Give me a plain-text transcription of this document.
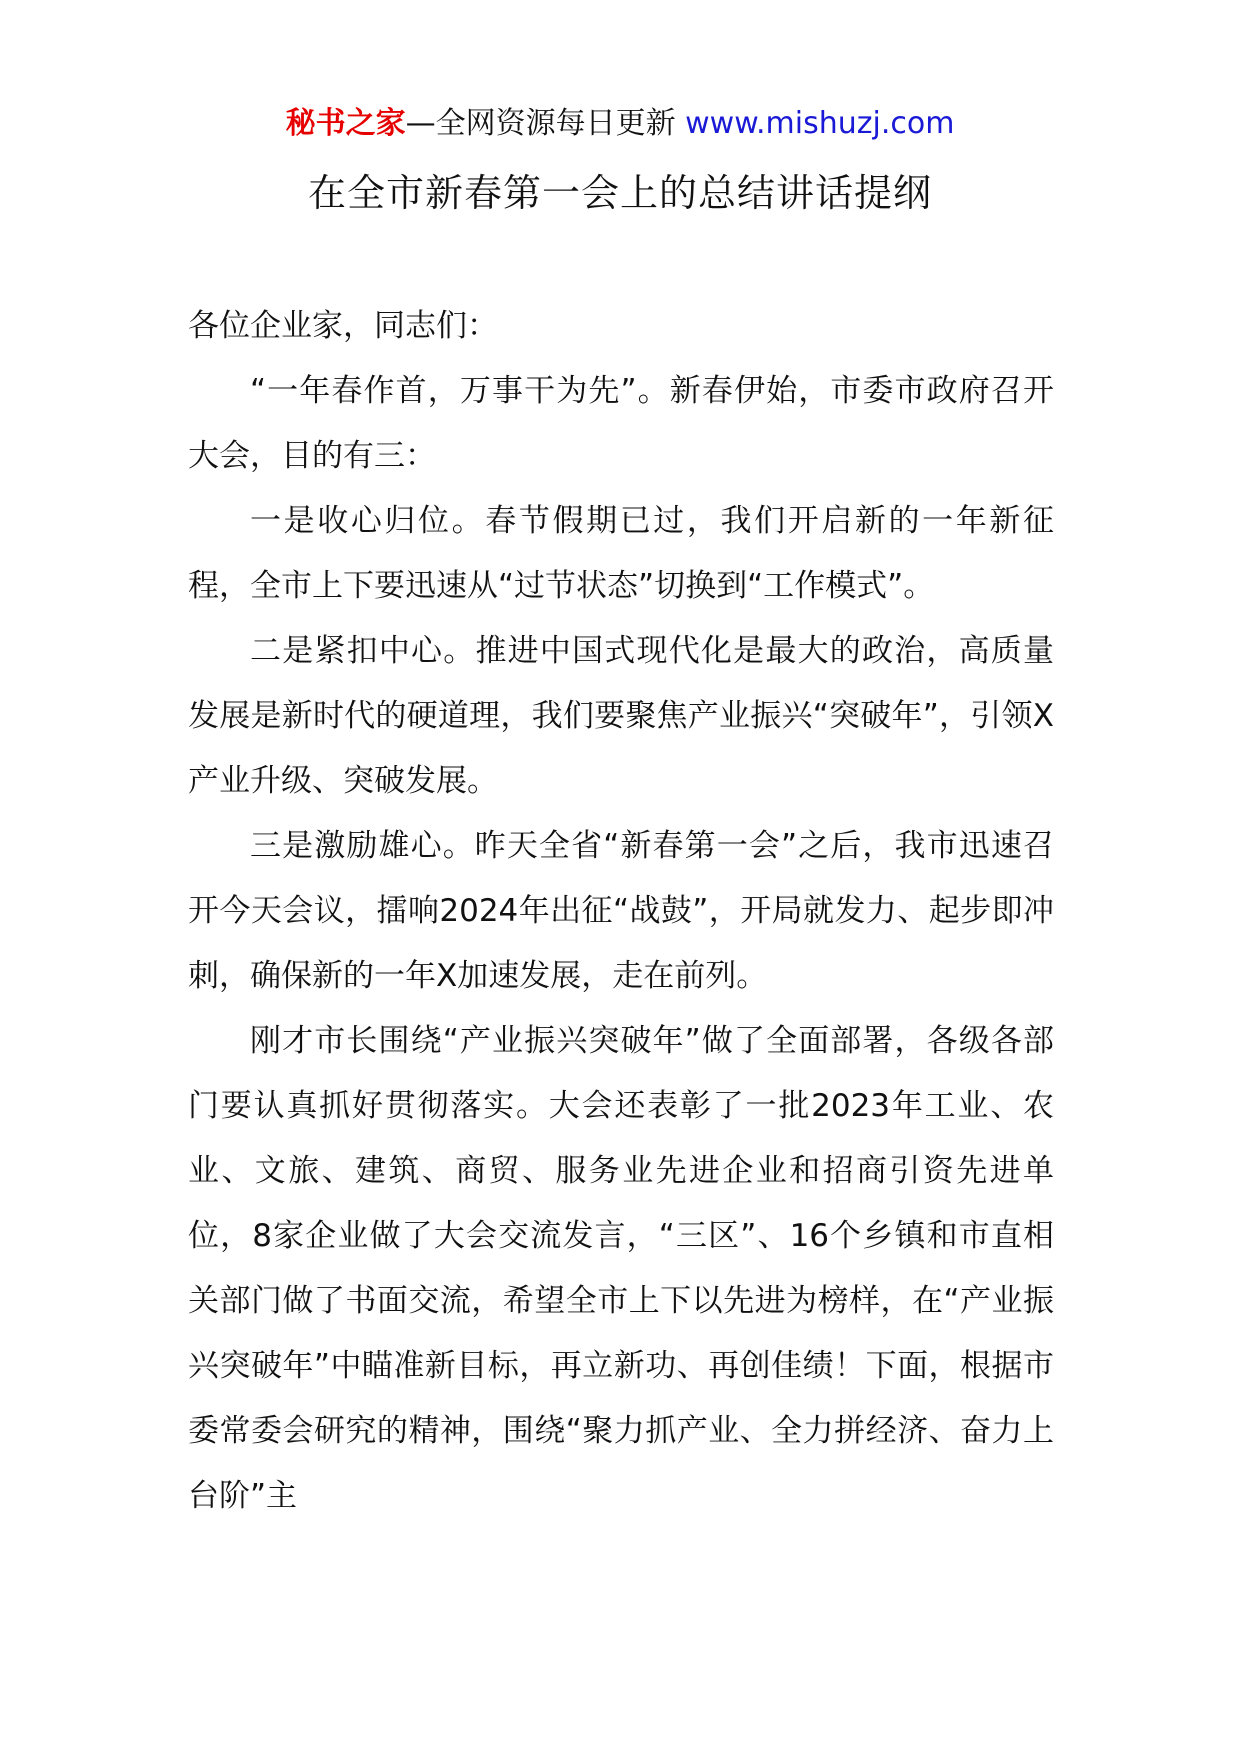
秘书之家—全网资源每日更新 www.mishuzj.com
在全市新春第一会上的总结讲话提纲

各位企业家，同志们：

“一年春作首，万事干为先”。新春伊始，市委市政府召开大会，目的有三：

一是收心归位。春节假期已过，我们开启新的一年新征程，全市上下要迅速从“过节状态”切换到“工作模式”。

二是紧扣中心。推进中国式现代化是最大的政治，高质量发展是新时代的硬道理，我们要聚焦产业振兴“突破年”，引领X产业升级、突破发展。

三是激励雄心。昨天全省“新春第一会”之后，我市迅速召开今天会议，擂响2024年出征“战鼓”，开局就发力、起步即冲刺，确保新的一年X加速发展，走在前列。

刚才市长围绕“产业振兴突破年”做了全面部署，各级各部门要认真抓好贯彻落实。大会还表彰了一批2023年工业、农业、文旅、建筑、商贸、服务业先进企业和招商引资先进单位，8家企业做了大会交流发言，“三区”、16个乡镇和市直相关部门做了书面交流，希望全市上下以先进为榜样，在“产业振兴突破年”中瞄准新目标，再立新功、再创佳绩！下面，根据市委常委会研究的精神，围绕“聚力抓产业、全力拼经济、奋力上台阶”主
